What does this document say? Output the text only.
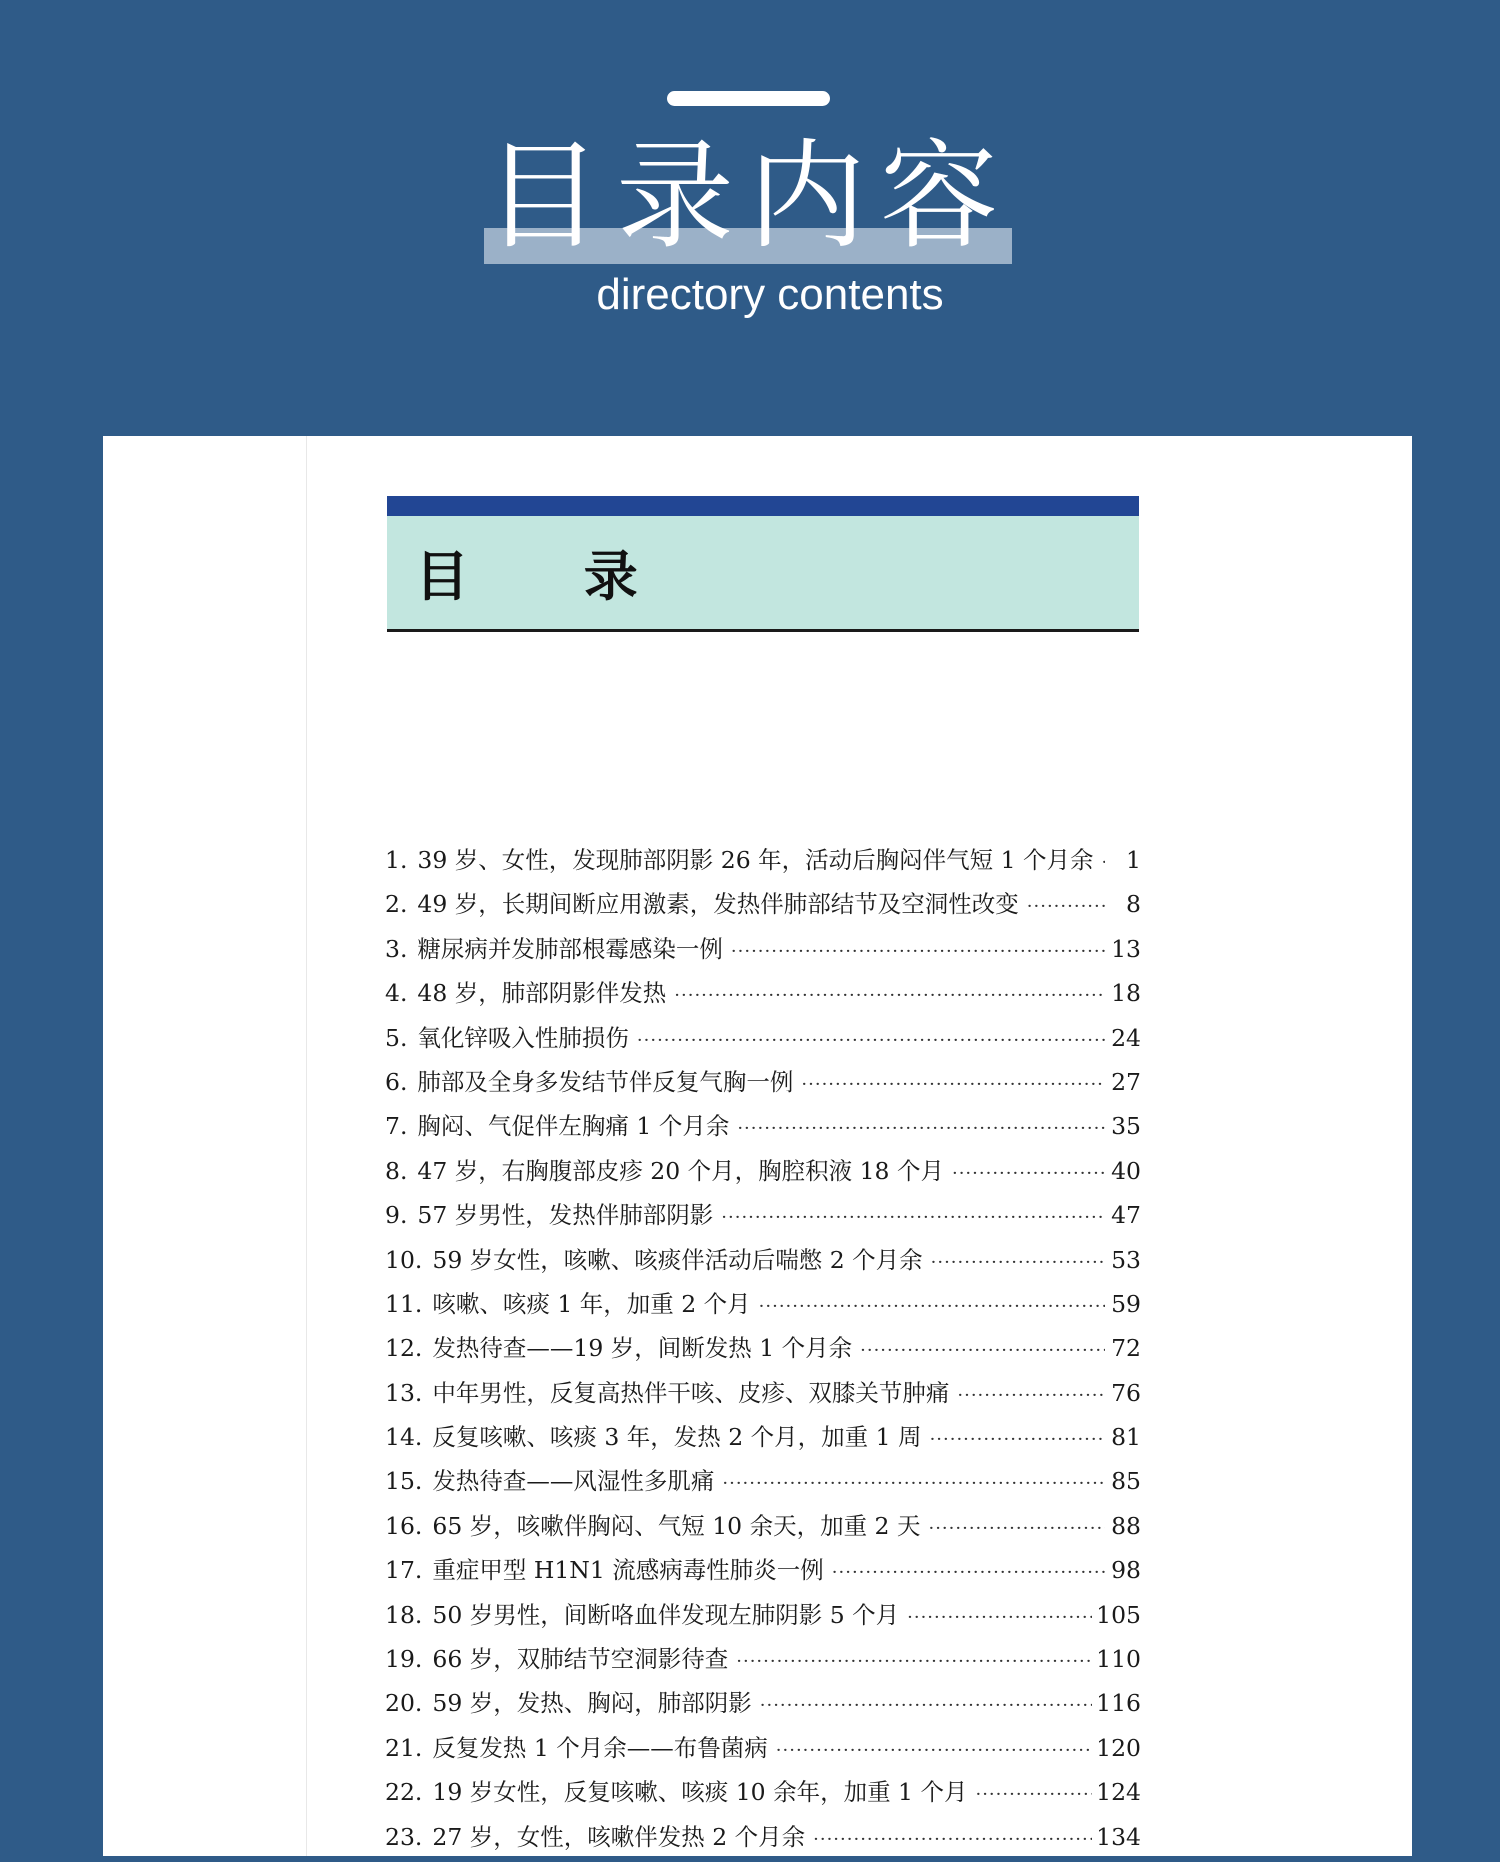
目录内容
directory contents
目 录
1. 39 岁、女性，发现肺部阴影 26 年，活动后胸闷伴气短 1 个月余 ·····	1
2. 49 岁，长期间断应用激素，发热伴肺部结节及空洞性改变 ·····	8
3. 糖尿病并发肺部根霉感染一例 ·····	13
4. 48 岁，肺部阴影伴发热 ·····	18
5. 氧化锌吸入性肺损伤 ·····	24
6. 肺部及全身多发结节伴反复气胸一例 ·····	27
7. 胸闷、气促伴左胸痛 1 个月余 ·····	35
8. 47 岁，右胸腹部皮疹 20 个月，胸腔积液 18 个月 ·····	40
9. 57 岁男性，发热伴肺部阴影 ·····	47
10. 59 岁女性，咳嗽、咳痰伴活动后喘憋 2 个月余 ·····	53
11. 咳嗽、咳痰 1 年，加重 2 个月 ·····	59
12. 发热待查——19 岁，间断发热 1 个月余 ·····	72
13. 中年男性，反复高热伴干咳、皮疹、双膝关节肿痛 ·····	76
14. 反复咳嗽、咳痰 3 年，发热 2 个月，加重 1 周 ·····	81
15. 发热待查——风湿性多肌痛 ·····	85
16. 65 岁，咳嗽伴胸闷、气短 10 余天，加重 2 天 ·····	88
17. 重症甲型 H1N1 流感病毒性肺炎一例 ·····	98
18. 50 岁男性，间断咯血伴发现左肺阴影 5 个月 ·····	105
19. 66 岁，双肺结节空洞影待查 ·····	110
20. 59 岁，发热、胸闷，肺部阴影 ·····	116
21. 反复发热 1 个月余——布鲁菌病 ·····	120
22. 19 岁女性，反复咳嗽、咳痰 10 余年，加重 1 个月 ·····	124
23. 27 岁，女性，咳嗽伴发热 2 个月余 ·····	134
